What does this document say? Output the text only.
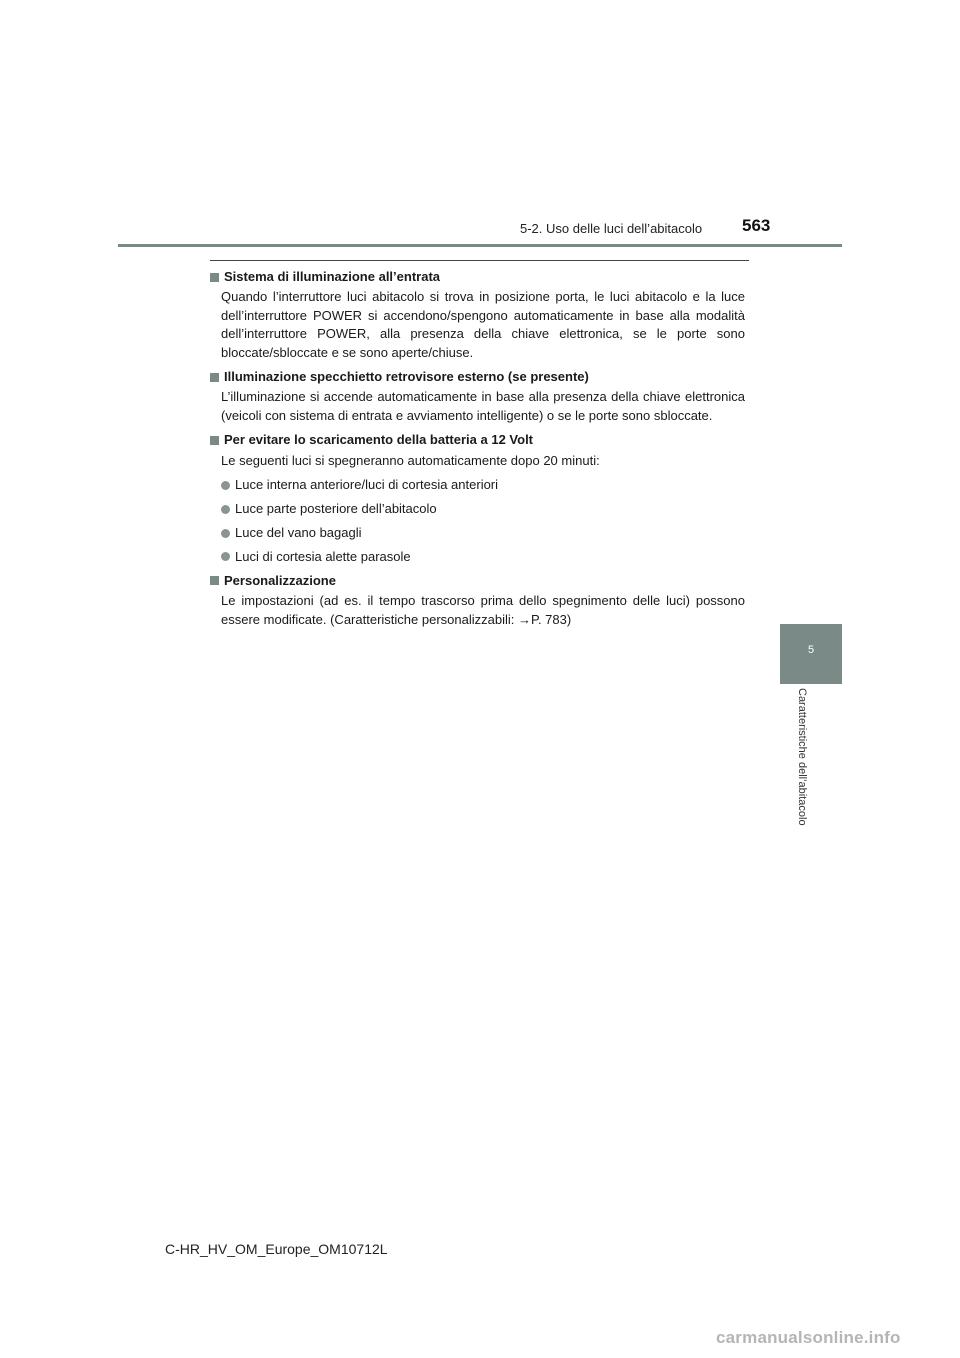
5-2. Uso delle luci dell’abitacolo 563
Sistema di illuminazione all’entrata

Quando l’interruttore luci abitacolo si trova in posizione porta, le luci abitacolo e la luce dell’interruttore POWER si accendono/spengono automaticamente in base alla modalità dell’interruttore POWER, alla presenza della chiave elettronica, se le porte sono bloccate/sbloccate e se sono aperte/chiuse.

Illuminazione specchietto retrovisore esterno (se presente)

L’illuminazione si accende automaticamente in base alla presenza della chiave elettronica (veicoli con sistema di entrata e avviamento intelligente) o se le porte sono sbloccate.

Per evitare lo scaricamento della batteria a 12 Volt

Le seguenti luci si spegneranno automaticamente dopo 20 minuti:

Luce interna anteriore/luci di cortesia anteriori
Luce parte posteriore dell’abitacolo
Luce del vano bagagli
Luci di cortesia alette parasole
Personalizzazione

Le impostazioni (ad es. il tempo trascorso prima dello spegnimento delle luci) possono essere modificate. (Caratteristiche personalizzabili: →P. 783)

5
Caratteristiche dell’abitacolo
C-HR_HV_OM_Europe_OM10712L
carmanualsonline.info
